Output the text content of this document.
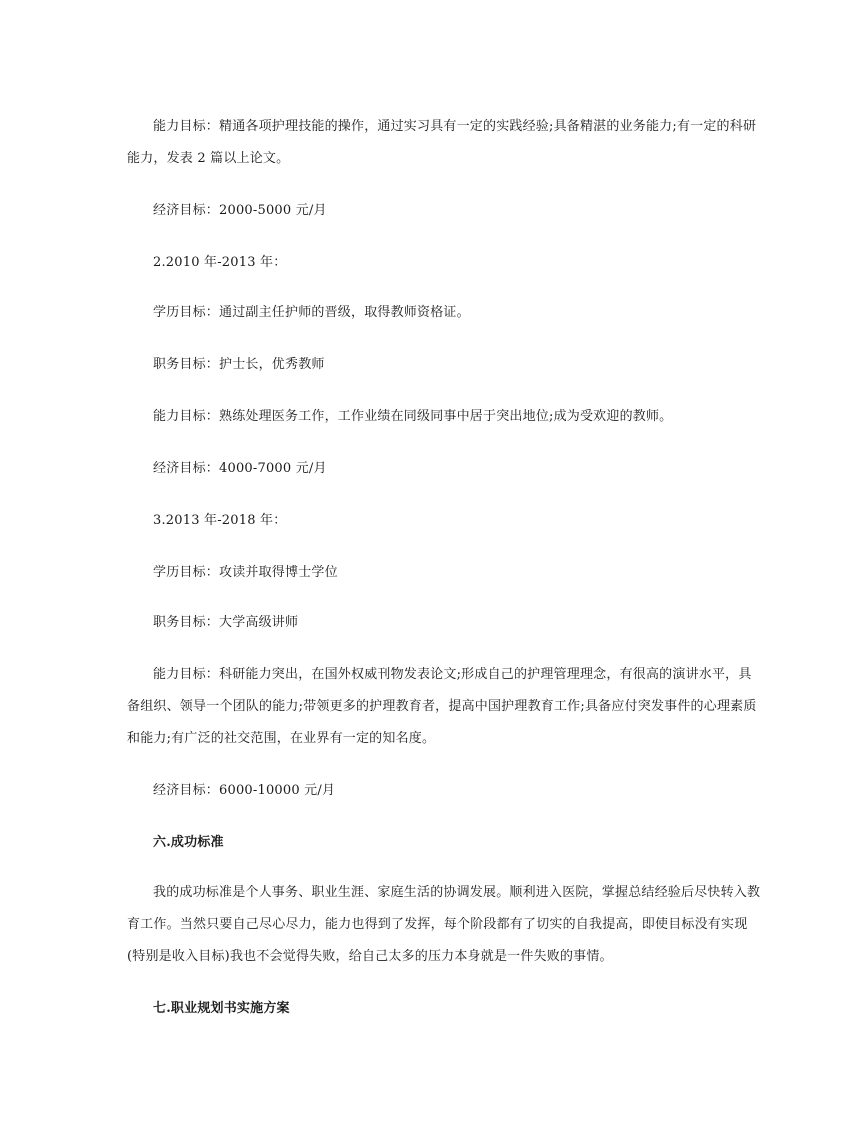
能力目标：精通各项护理技能的操作，通过实习具有一定的实践经验;具备精湛的业务能力;有一定的科研
能力，发表 2 篇以上论文。
经济目标：2000-5000 元/月
2.2010 年-2013 年：
学历目标：通过副主任护师的晋级，取得教师资格证。
职务目标：护士长，优秀教师
能力目标：熟练处理医务工作，工作业绩在同级同事中居于突出地位;成为受欢迎的教师。
经济目标：4000-7000 元/月
3.2013 年-2018 年：
学历目标：攻读并取得博士学位
职务目标：大学高级讲师
能力目标：科研能力突出，在国外权威刊物发表论文;形成自己的护理管理理念，有很高的演讲水平，具
备组织、领导一个团队的能力;带领更多的护理教育者，提高中国护理教育工作;具备应付突发事件的心理素质
和能力;有广泛的社交范围，在业界有一定的知名度。
经济目标：6000-10000 元/月
六.成功标准
我的成功标准是个人事务、职业生涯、家庭生活的协调发展。顺利进入医院，掌握总结经验后尽快转入教
育工作。当然只要自己尽心尽力，能力也得到了发挥，每个阶段都有了切实的自我提高，即使目标没有实现
(特别是收入目标)我也不会觉得失败，给自己太多的压力本身就是一件失败的事情。
七.职业规划书实施方案
